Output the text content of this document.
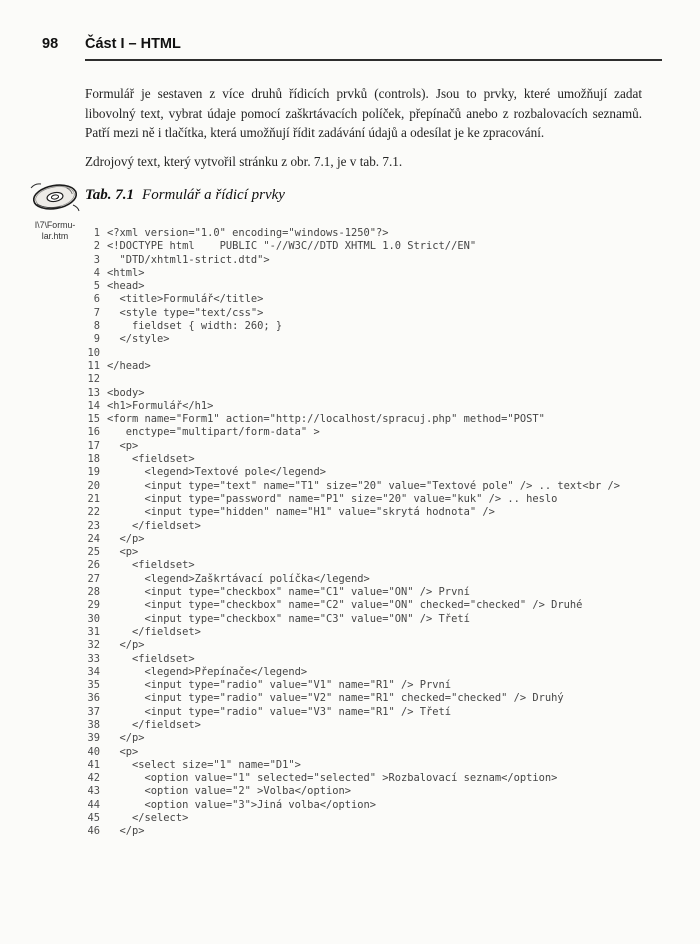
98 Část I – HTML

Formulář je sestaven z více druhů řídicích prvků (controls). Jsou to prvky, které umožňují zadat libovolný text, vybrat údaje pomocí zaškrtávacích políček, přepínačů anebo z rozbalovacích seznamů. Patří mezi ně i tlačítka, která umožňují řídit zadávání údajů a odesílat je ke zpracování.

Zdrojový text, který vytvořil stránku z obr. 7.1, je v tab. 7.1.

I\7\Formu-
lar.htm
Tab. 7.1 Formulář a řídicí prvky
1 <?xml version="1.0" encoding="windows-1250"?>
2 <!DOCTYPE html    PUBLIC "-//W3C//DTD XHTML 1.0 Strict//EN"
3  "DTD/xhtml1-strict.dtd">
4 <html>
5 <head>
6  <title>Formulář</title>
7  <style type="text/css">
8    fieldset { width: 260; }
9  </style>
10
11 </head>
12
13 <body>
14 <h1>Formulář</h1>
15 <form name="Form1" action="http://localhost/spracuj.php" method="POST"
16   enctype="multipart/form-data" >
17  <p>
18    <fieldset>
19      <legend>Textové pole</legend>
20      <input type="text" name="T1" size="20" value="Textové pole" /> .. text<br />
21      <input type="password" name="P1" size="20" value="kuk" /> .. heslo
22      <input type="hidden" name="H1" value="skrytá hodnota" />
23    </fieldset>
24  </p>
25  <p>
26    <fieldset>
27      <legend>Zaškrtávací políčka</legend>
28      <input type="checkbox" name="C1" value="ON" /> První
29      <input type="checkbox" name="C2" value="ON" checked="checked" /> Druhé
30      <input type="checkbox" name="C3" value="ON" /> Třetí
31    </fieldset>
32  </p>
33    <fieldset>
34      <legend>Přepínače</legend>
35      <input type="radio" value="V1" name="R1" /> První
36      <input type="radio" value="V2" name="R1" checked="checked" /> Druhý
37      <input type="radio" value="V3" name="R1" /> Třetí
38    </fieldset>
39  </p>
40  <p>
41    <select size="1" name="D1">
42      <option value="1" selected="selected" >Rozbalovací seznam</option>
43      <option value="2" >Volba</option>
44      <option value="3">Jiná volba</option>
45    </select>
46  </p>
